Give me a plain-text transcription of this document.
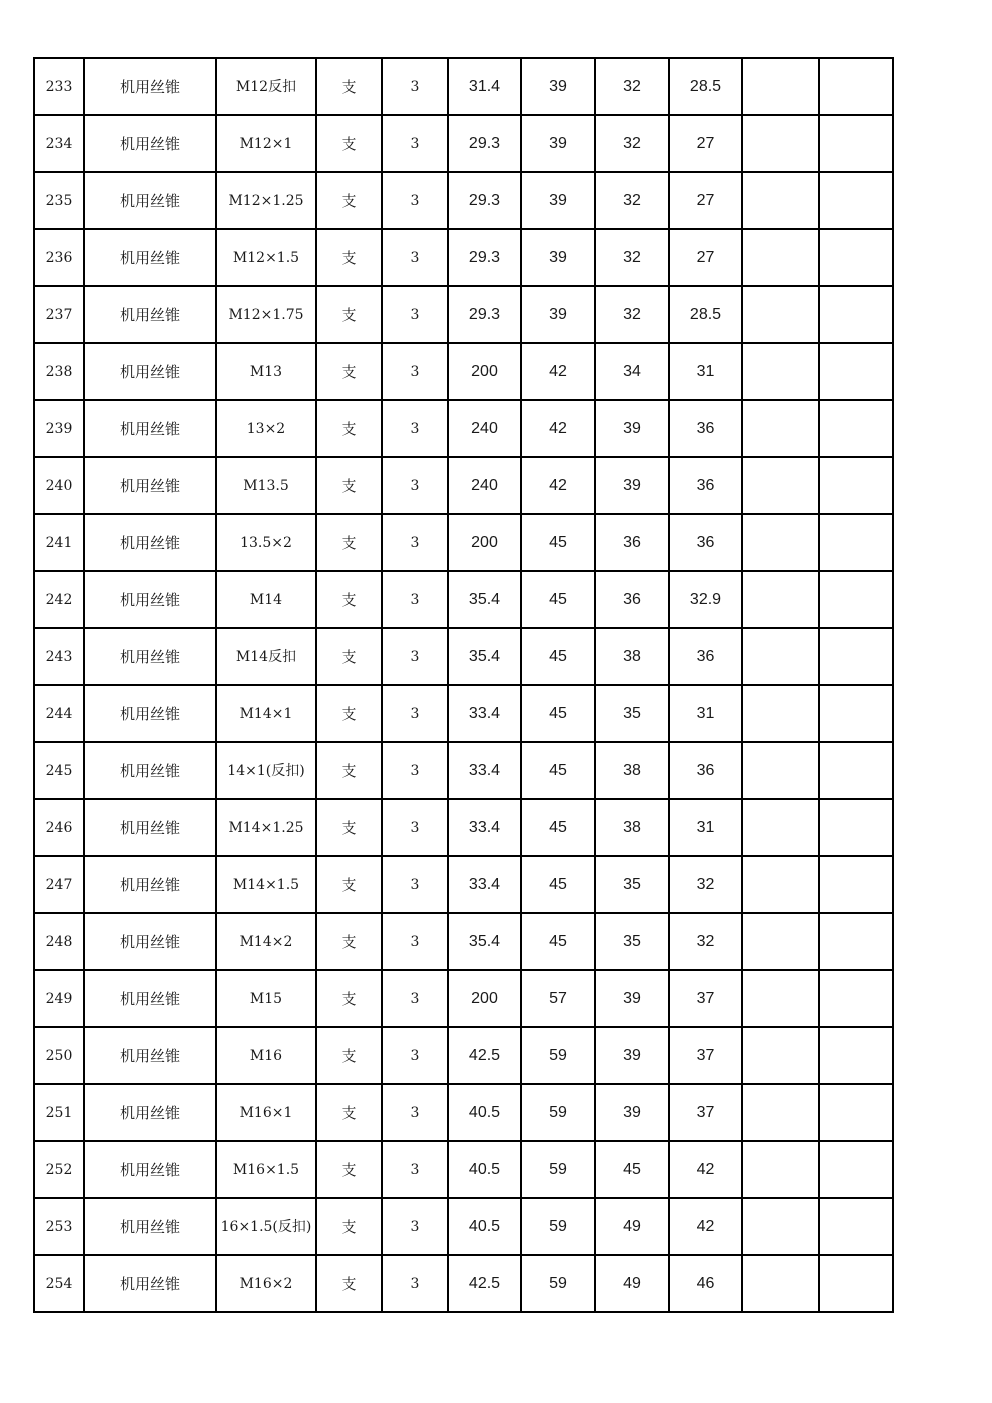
233	机用丝锥	M12反扣	支	3	31.4	39	32	28.5		
234	机用丝锥	M12×1	支	3	29.3	39	32	27		
235	机用丝锥	M12×1.25	支	3	29.3	39	32	27		
236	机用丝锥	M12×1.5	支	3	29.3	39	32	27		
237	机用丝锥	M12×1.75	支	3	29.3	39	32	28.5		
238	机用丝锥	M13	支	3	200	42	34	31		
239	机用丝锥	13×2	支	3	240	42	39	36		
240	机用丝锥	M13.5	支	3	240	42	39	36		
241	机用丝锥	13.5×2	支	3	200	45	36	36		
242	机用丝锥	M14	支	3	35.4	45	36	32.9		
243	机用丝锥	M14反扣	支	3	35.4	45	38	36		
244	机用丝锥	M14×1	支	3	33.4	45	35	31		
245	机用丝锥	14×1(反扣)	支	3	33.4	45	38	36		
246	机用丝锥	M14×1.25	支	3	33.4	45	38	31		
247	机用丝锥	M14×1.5	支	3	33.4	45	35	32		
248	机用丝锥	M14×2	支	3	35.4	45	35	32		
249	机用丝锥	M15	支	3	200	57	39	37		
250	机用丝锥	M16	支	3	42.5	59	39	37		
251	机用丝锥	M16×1	支	3	40.5	59	39	37		
252	机用丝锥	M16×1.5	支	3	40.5	59	45	42		
253	机用丝锥	16×1.5(反扣)	支	3	40.5	59	49	42		
254	机用丝锥	M16×2	支	3	42.5	59	49	46		
